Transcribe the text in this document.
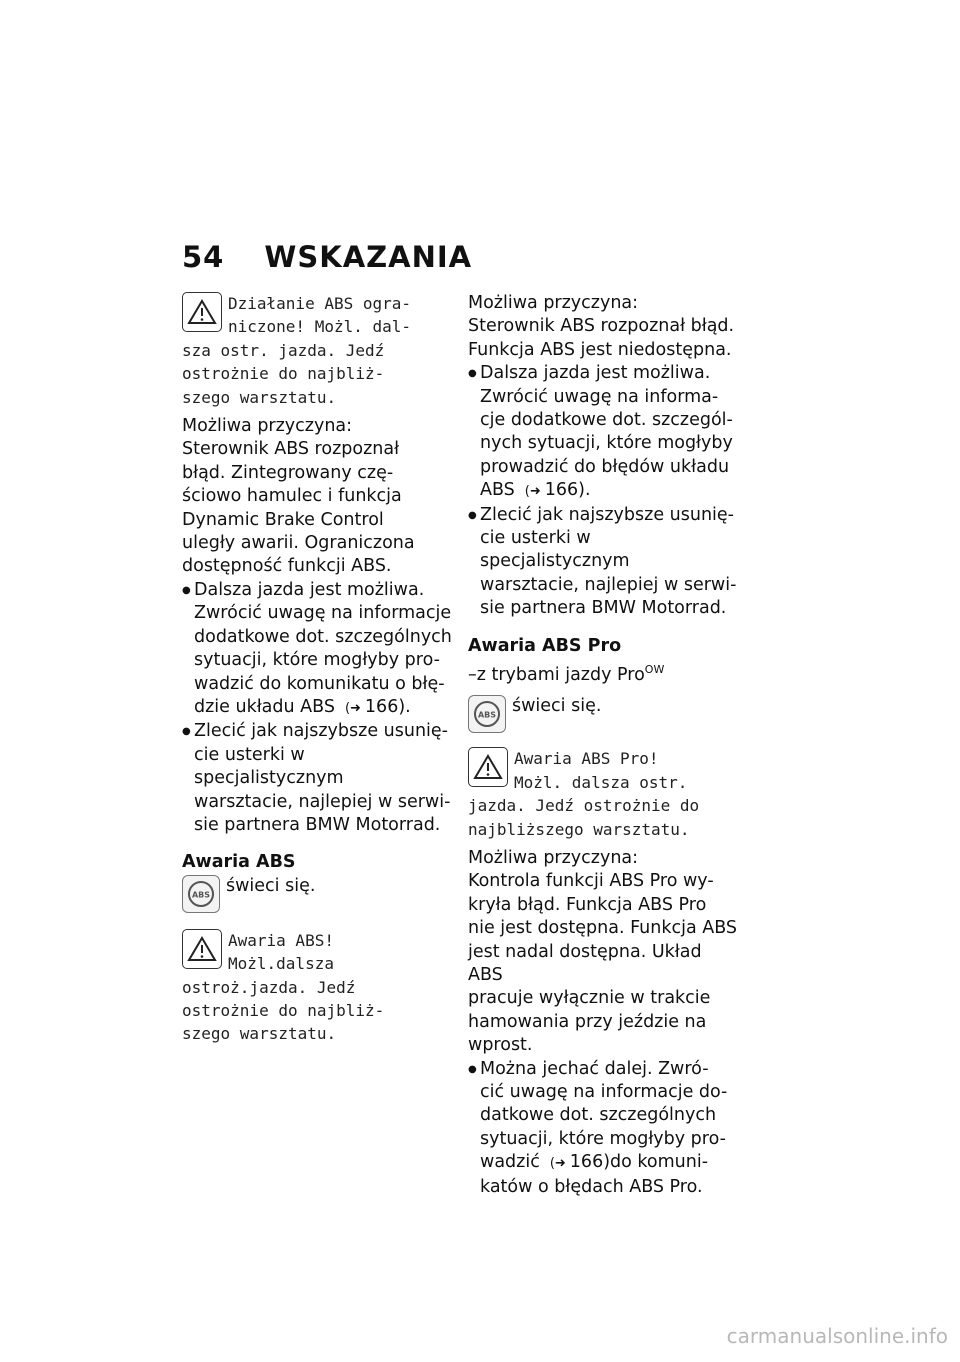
54 WSKAZANIA
Działanie ABS ogra-
niczone! Możl. dal-
sza ostr. jazda. Jedź
ostrożnie do najbliż-
szego warsztatu.
Możliwa przyczyna:
Sterownik ABS rozpoznał
błąd. Zintegrowany czę-
ściowo hamulec i funkcja
Dynamic Brake Control
uległy awarii. Ograniczona
dostępność funkcji ABS.
● Dalsza jazda jest możliwa.
Zwrócić uwagę na informacje
dodatkowe dot. szczególnych
sytuacji, które mogłyby pro-
wadzić do komunikatu o błę-
dzie układu ABS (➜ 166).
● Zlecić jak najszybsze usunię-
cie usterki w specjalistycznym
warsztacie, najlepiej w serwi-
sie partnera BMW Motorrad.
Awaria ABS
ABS świeci się.
Awaria ABS!
Możl.dalsza
ostroż.jazda. Jedź
ostrożnie do najbliż-
szego warsztatu.
Możliwa przyczyna:
Sterownik ABS rozpoznał błąd.
Funkcja ABS jest niedostępna.
● Dalsza jazda jest możliwa.
Zwrócić uwagę na informa-
cje dodatkowe dot. szczegól-
nych sytuacji, które mogłyby
prowadzić do błędów układu
ABS (➜ 166).
● Zlecić jak najszybsze usunię-
cie usterki w specjalistycznym
warsztacie, najlepiej w serwi-
sie partnera BMW Motorrad.
Awaria ABS Pro
–z trybami jazdy Pro$^{OW}$
ABS świeci się.
Awaria ABS Pro!
Możl. dalsza ostr.
jazda. Jedź ostrożnie do
najbliższego warsztatu.
Możliwa przyczyna:
Kontrola funkcji ABS Pro wy-
kryła błąd. Funkcja ABS Pro
nie jest dostępna. Funkcja ABS
jest nadal dostępna. Układ ABS
pracuje wyłącznie w trakcie
hamowania przy jeździe na
wprost.
● Można jechać dalej. Zwró-
cić uwagę na informacje do-
datkowe dot. szczególnych
sytuacji, które mogłyby pro-
wadzić (➜ 166)do komuni-
katów o błędach ABS Pro.
carmanualsonline.info
